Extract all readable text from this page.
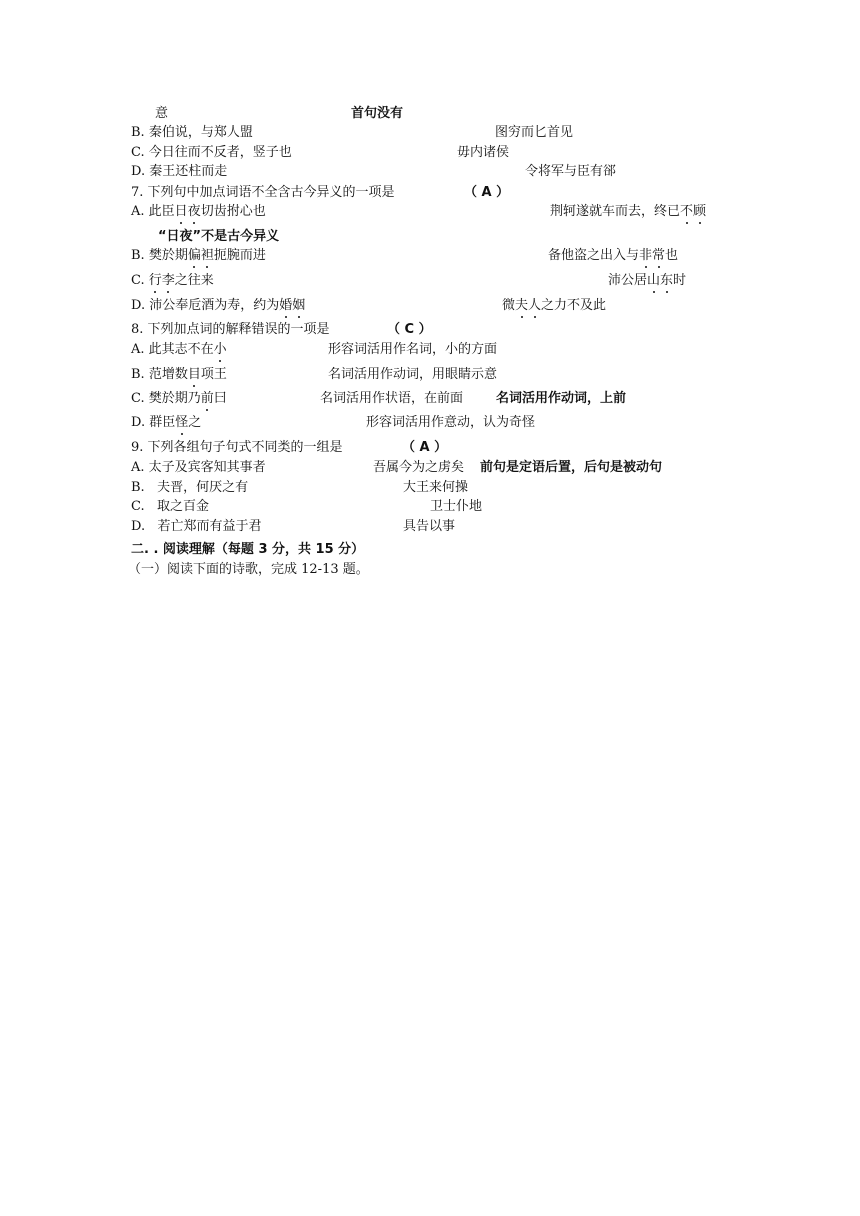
意	首句没有
B. 秦伯说，与郑人盟	图穷而匕首见
C. 今日往而不反者，竖子也	毋内诸侯
D. 秦王还柱而走	令将军与臣有郤
7. 下列句中加点词语不全含古今异义的一项是	（ A ）
A. 此臣日夜切齿拊心也	荆轲遂就车而去，终已不顾
“日夜”不是古今异义
B. 樊於期偏袒扼腕而进	备他盗之出入与非常也
C. 行李之往来	沛公居山东时
D. 沛公奉卮酒为寿，约为婚姻	微夫人之力不及此
8. 下列加点词的解释错误的一项是	（ C ）
A. 此其志不在小	形容词活用作名词，小的方面
B. 范增数目项王	名词活用作动词，用眼睛示意
C. 樊於期乃前曰	名词活用作状语，在前面	名词活用作动词，上前
D. 群臣怪之	形容词活用作意动，认为奇怪
9. 下列各组句子句式不同类的一组是	（ A ）
A. 太子及宾客知其事者	吾属今为之虏矣 前句是定语后置，后句是被动句
B.   夫晋，何厌之有	大王来何操
C.   取之百金	卫士仆地
D.   若亡郑而有益于君	具告以事
二. . 阅读理解（每题 3 分，共 15 分）
（一）阅读下面的诗歌，完成 12-13 题。
